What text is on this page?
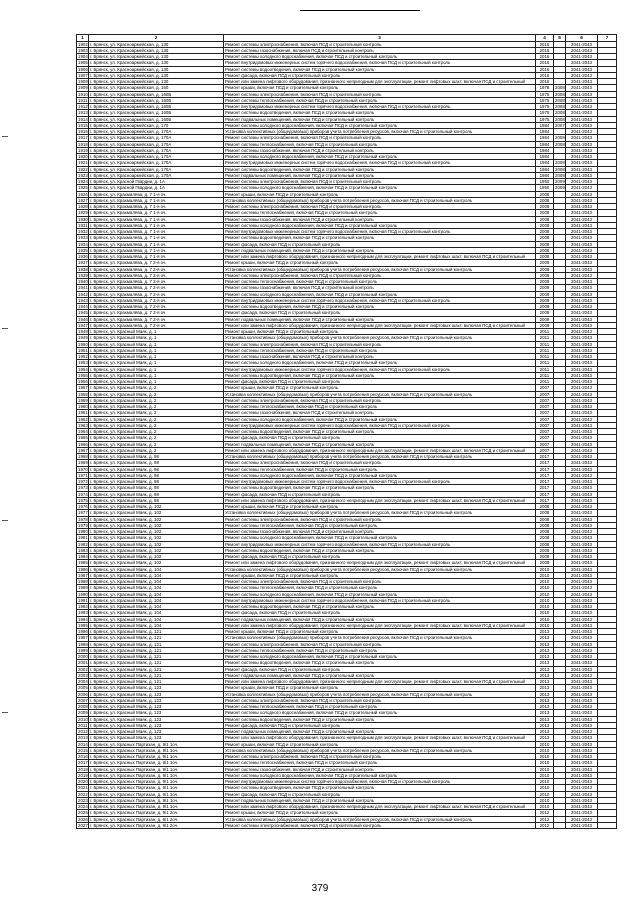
1	2	3	4	5	6	7
1902	г. Брянск, ул. Красноармейская, д. 130	Ремонт системы электроснабжения, включая ПСД и строительный контроль	2016		2041-2043	
1903	г. Брянск, ул. Красноармейская, д. 130	Ремонт системы газоснабжения, включая ПСД и строительный контроль	2016		2041-2043	
1904	г. Брянск, ул. Красноармейская, д. 130	Ремонт системы холодного водоснабжения, включая ПСД и строительный контроль	2016		2041-2043	
1905	г. Брянск, ул. Красноармейская, д. 130	Ремонт внутридомовых инженерных систем горячего водоснабжения, включая ПСД и строительный контроль	2016		2041-2043	
1906	г. Брянск, ул. Красноармейская, д. 130	Ремонт системы водоотведения, включая ПСД и строительный контроль	2016		2041-2043	
1907	г. Брянск, ул. Красноармейская, д. 130	Ремонт фасада, включая ПСД и строительный контроль	2016		2041-2043	
1908	г. Брянск, ул. Красноармейская, д. 130	Ремонт или замена лифтового оборудования, признанного непригодным для эксплуатации, ремонт лифтовых шахт, включая ПСД и строительный	2016		2041-2043	
1909	г. Брянск, ул. Красноармейская, д. 160	Ремонт крыши, включая ПСД и строительный контроль	1978	2008	2041-2043	
1910	г. Брянск, ул. Красноармейская, д. 160Б	Ремонт системы электроснабжения, включая ПСД и строительный контроль	1975	2008	2041-2043	
1911	г. Брянск, ул. Красноармейская, д. 160Б	Ремонт системы теплоснабжения, включая ПСД и строительный контроль	1975	2008	2041-2043	
1912	г. Брянск, ул. Красноармейская, д. 160Б	Ремонт внутридомовых инженерных систем горячего водоснабжения, включая ПСД и строительный контроль	1975	2008	2041-2043	
1913	г. Брянск, ул. Красноармейская, д. 160Б	Ремонт системы водоотведения, включая ПСД и строительный контроль	1975	2008	2041-2043	
1914	г. Брянск, ул. Красноармейская, д. 160Б	Ремонт подвальных помещений, включая ПСД и строительный контроль	1975	2008	2041-2043	
1915	г. Брянск, ул. Красноармейская, д. 170	Ремонт системы холодного водоснабжения, включая ПСД и строительный контроль	1984	2007	2041-2043	
1916	г. Брянск, ул. Красноармейская, д. 170А	Установка коллективных (общедомовых) приборов учета потребления ресурсов, включая ПСД и строительный контроль	1984		2041-2043	
1917	г. Брянск, ул. Красноармейская, д. 170А	Ремонт системы электроснабжения, включая ПСД и строительный контроль	1984	2008	2041-2043	
1918	г. Брянск, ул. Красноармейская, д. 170А	Ремонт системы теплоснабжения, включая ПСД и строительный контроль	1984	2008	2041-2043	
1919	г. Брянск, ул. Красноармейская, д. 170А	Ремонт системы газоснабжения, включая ПСД и строительный контроль	1984		2041-2043	
1920	г. Брянск, ул. Красноармейская, д. 170А	Ремонт системы холодного водоснабжения, включая ПСД и строительный контроль	1984		2041-2043	
1921	г. Брянск, ул. Красноармейская, д. 170А	Ремонт внутридомовых инженерных систем горячего водоснабжения, включая ПСД и строительный контроль	1984	2008	2041-2043	
1922	г. Брянск, ул. Красноармейская, д. 170А	Ремонт системы водоотведения, включая ПСД и строительный контроль	1984	2008	2041-2043	
1923	г. Брянск, ул. Красноармейская, д. 170А	Ремонт подвальных помещений, включая ПСД и строительный контроль	1984	2008	2041-2043	
1924	г. Брянск, ул. Красной Гвардии, д. 1А	Ремонт системы электроснабжения, включая ПСД и строительный контроль	1950	2009	2041-2043	
1925	г. Брянск, ул. Красной Гвардии, д. 1А	Ремонт системы холодного водоснабжения, включая ПСД и строительный контроль	1950	2009	2041-2043	
1926	г. Брянск, ул. Крахмалёва, д. 7 1-я оч.	Ремонт крыши, включая ПСД и строительный контроль	2008		2041-2043	
1927	г. Брянск, ул. Крахмалёва, д. 7 1-я оч.	Установка коллективных (общедомовых) приборов учета потребления ресурсов, включая ПСД и строительный контроль	2008		2041-2043	
1928	г. Брянск, ул. Крахмалёва, д. 7 1-я оч.	Ремонт системы электроснабжения, включая ПСД и строительный контроль	2008		2041-2043	
1929	г. Брянск, ул. Крахмалёва, д. 7 1-я оч.	Ремонт системы теплоснабжения, включая ПСД и строительный контроль	2008		2041-2043	
1930	г. Брянск, ул. Крахмалёва, д. 7 1-я оч.	Ремонт системы газоснабжения, включая ПСД и строительный контроль	2008		2041-2043	
1931	г. Брянск, ул. Крахмалёва, д. 7 1-я оч.	Ремонт системы холодного водоснабжения, включая ПСД и строительный контроль	2008		2041-2043	
1932	г. Брянск, ул. Крахмалёва, д. 7 1-я оч.	Ремонт внутридомовых инженерных систем горячего водоснабжения, включая ПСД и строительный контроль	2008		2041-2043	
1933	г. Брянск, ул. Крахмалёва, д. 7 1-я оч.	Ремонт системы водоотведения, включая ПСД и строительный контроль	2008		2041-2043	
1934	г. Брянск, ул. Крахмалёва, д. 7 1-я оч.	Ремонт фасада, включая ПСД и строительный контроль	2008		2041-2043	
1935	г. Брянск, ул. Крахмалёва, д. 7 1-я оч.	Ремонт подвальных помещений, включая ПСД и строительный контроль	2008		2041-2043	
1936	г. Брянск, ул. Крахмалёва, д. 7 1-я оч.	Ремонт или замена лифтового оборудования, признанного непригодным для эксплуатации, ремонт лифтовых шахт, включая ПСД и строительный	2008		2041-2043	
1937	г. Брянск, ул. Крахмалёва, д. 7 2-я оч.	Ремонт крыши, включая ПСД и строительный контроль	2009		2041-2043	
1938	г. Брянск, ул. Крахмалёва, д. 7 2-я оч.	Установка коллективных (общедомовых) приборов учета потребления ресурсов, включая ПСД и строительный контроль	2009		2041-2043	
1939	г. Брянск, ул. Крахмалёва, д. 7 2-я оч.	Ремонт системы электроснабжения, включая ПСД и строительный контроль	2009		2041-2043	
1940	г. Брянск, ул. Крахмалёва, д. 7 2-я оч.	Ремонт системы теплоснабжения, включая ПСД и строительный контроль	2009		2041-2043	
1941	г. Брянск, ул. Крахмалёва, д. 7 2-я оч.	Ремонт системы газоснабжения, включая ПСД и строительный контроль	2009		2041-2043	
1942	г. Брянск, ул. Крахмалёва, д. 7 2-я оч.	Ремонт системы холодного водоснабжения, включая ПСД и строительный контроль	2009		2041-2043	
1943	г. Брянск, ул. Крахмалёва, д. 7 2-я оч.	Ремонт внутридомовых инженерных систем горячего водоснабжения, включая ПСД и строительный контроль	2009		2041-2043	
1944	г. Брянск, ул. Крахмалёва, д. 7 2-я оч.	Ремонт системы водоотведения, включая ПСД и строительный контроль	2009		2041-2043	
1945	г. Брянск, ул. Крахмалёва, д. 7 2-я оч.	Ремонт фасада, включая ПСД и строительный контроль	2009		2041-2043	
1946	г. Брянск, ул. Крахмалёва, д. 7 2-я оч.	Ремонт подвальных помещений, включая ПСД и строительный контроль	2009		2041-2043	
1947	г. Брянск, ул. Крахмалёва, д. 7 2-я оч.	Ремонт или замена лифтового оборудования, признанного непригодным для эксплуатации, ремонт лифтовых шахт, включая ПСД и строительный	2009		2041-2043	
1948	г. Брянск, ул. Красный Маяк, д. 1	Ремонт крыши, включая ПСД и строительный контроль	2011		2041-2043	
1949	г. Брянск, ул. Красный Маяк, д. 1	Установка коллективных (общедомовых) приборов учета потребления ресурсов, включая ПСД и строительный контроль	2011		2041-2043	
1950	г. Брянск, ул. Красный Маяк, д. 1	Ремонт системы электроснабжения, включая ПСД и строительный контроль	2011		2041-2043	
1951	г. Брянск, ул. Красный Маяк, д. 1	Ремонт системы теплоснабжения, включая ПСД и строительный контроль	2011		2041-2043	
1952	г. Брянск, ул. Красный Маяк, д. 1	Ремонт системы газоснабжения, включая ПСД и строительный контроль	2011		2041-2043	
1953	г. Брянск, ул. Красный Маяк, д. 1	Ремонт системы холодного водоснабжения, включая ПСД и строительный контроль	2011		2041-2043	
1954	г. Брянск, ул. Красный Маяк, д. 1	Ремонт внутридомовых инженерных систем горячего водоснабжения, включая ПСД и строительный контроль	2011		2041-2043	
1955	г. Брянск, ул. Красный Маяк, д. 1	Ремонт системы водоотведения, включая ПСД и строительный контроль	2011		2041-2043	
1956	г. Брянск, ул. Красный Маяк, д. 1	Ремонт фасада, включая ПСД и строительный контроль	2011		2041-2043	
1957	г. Брянск, ул. Красный Маяк, д. 2	Ремонт крыши, включая ПСД и строительный контроль	2007		2041-2043	
1958	г. Брянск, ул. Красный Маяк, д. 2	Установка коллективных (общедомовых) приборов учета потребления ресурсов, включая ПСД и строительный контроль	2007		2041-2043	
1959	г. Брянск, ул. Красный Маяк, д. 2	Ремонт системы электроснабжения, включая ПСД и строительный контроль	2007		2041-2043	
1960	г. Брянск, ул. Красный Маяк, д. 2	Ремонт системы теплоснабжения, включая ПСД и строительный контроль	2007		2041-2043	
1961	г. Брянск, ул. Красный Маяк, д. 2	Ремонт системы газоснабжения, включая ПСД и строительный контроль	2007		2041-2043	
1962	г. Брянск, ул. Красный Маяк, д. 2	Ремонт системы холодного водоснабжения, включая ПСД и строительный контроль	2007		2041-2043	
1963	г. Брянск, ул. Красный Маяк, д. 2	Ремонт внутридомовых инженерных систем горячего водоснабжения, включая ПСД и строительный контроль	2007		2041-2043	
1964	г. Брянск, ул. Красный Маяк, д. 2	Ремонт системы водоотведения, включая ПСД и строительный контроль	2007		2041-2043	
1965	г. Брянск, ул. Красный Маяк, д. 2	Ремонт фасада, включая ПСД и строительный контроль	2007		2041-2043	
1966	г. Брянск, ул. Красный Маяк, д. 2	Ремонт подвальных помещений, включая ПСД и строительный контроль	2007		2041-2043	
1967	г. Брянск, ул. Красный Маяк, д. 2	Ремонт или замена лифтового оборудования, признанного непригодным для эксплуатации, ремонт лифтовых шахт, включая ПСД и строительный	2007		2041-2043	
1968	г. Брянск, ул. Красный Маяк, д. 98	Установка коллективных (общедомовых) приборов учета потребления ресурсов, включая ПСД и строительный контроль	2017		2041-2043	
1969	г. Брянск, ул. Красный Маяк, д. 98	Ремонт системы электроснабжения, включая ПСД и строительный контроль	2017		2041-2043	
1970	г. Брянск, ул. Красный Маяк, д. 98	Ремонт системы теплоснабжения, включая ПСД и строительный контроль	2017		2041-2043	
1971	г. Брянск, ул. Красный Маяк, д. 98	Ремонт системы холодного водоснабжения, включая ПСД и строительный контроль	2017		2041-2043	
1972	г. Брянск, ул. Красный Маяк, д. 98	Ремонт внутридомовых инженерных систем горячего водоснабжения, включая ПСД и строительный контроль	2017		2041-2043	
1973	г. Брянск, ул. Красный Маяк, д. 98	Ремонт системы водоотведения, включая ПСД и строительный контроль	2017		2041-2043	
1974	г. Брянск, ул. Красный Маяк, д. 98	Ремонт фасада, включая ПСД и строительный контроль	2017		2041-2043	
1975	г. Брянск, ул. Красный Маяк, д. 98	Ремонт или замена лифтового оборудования, признанного непригодным для эксплуатации, ремонт лифтовых шахт, включая ПСД и строительный	2017		2041-2043	
1976	г. Брянск, ул. Красный Маяк, д. 102	Ремонт крыши, включая ПСД и строительный контроль	2008		2041-2043	
1977	г. Брянск, ул. Красный Маяк, д. 102	Установка коллективных (общедомовых) приборов учета потребления ресурсов, включая ПСД и строительный контроль	2008		2041-2043	
1978	г. Брянск, ул. Красный Маяк, д. 102	Ремонт системы электроснабжения, включая ПСД и строительный контроль	2008		2041-2043	
1979	г. Брянск, ул. Красный Маяк, д. 102	Ремонт системы теплоснабжения, включая ПСД и строительный контроль	2008		2041-2043	
1980	г. Брянск, ул. Красный Маяк, д. 102	Ремонт системы газоснабжения, включая ПСД и строительный контроль	2008		2041-2043	
1981	г. Брянск, ул. Красный Маяк, д. 102	Ремонт системы холодного водоснабжения, включая ПСД и строительный контроль	2008		2041-2043	
1982	г. Брянск, ул. Красный Маяк, д. 102	Ремонт внутридомовых инженерных систем горячего водоснабжения, включая ПСД и строительный контроль	2008		2041-2043	
1983	г. Брянск, ул. Красный Маяк, д. 102	Ремонт системы водоотведения, включая ПСД и строительный контроль	2008		2041-2043	
1984	г. Брянск, ул. Красный Маяк, д. 102	Ремонт фасада, включая ПСД и строительный контроль	2008		2041-2043	
1985	г. Брянск, ул. Красный Маяк, д. 102	Ремонт или замена лифтового оборудования, признанного непригодным для эксплуатации, ремонт лифтовых шахт, включая ПСД и строительный	2008		2041-2043	
1986	г. Брянск, ул. Красный Маяк, д. 104	Установка коллективных (общедомовых) приборов учета потребления ресурсов, включая ПСД и строительный контроль	2010		2041-2043	
1987	г. Брянск, ул. Красный Маяк, д. 104	Ремонт крыши, включая ПСД и строительный контроль	2010		2041-2043	
1988	г. Брянск, ул. Красный Маяк, д. 104	Ремонт системы электроснабжения, включая ПСД и строительный контроль	2010		2041-2043	
1989	г. Брянск, ул. Красный Маяк, д. 104	Ремонт системы теплоснабжения, включая ПСД и строительный контроль	2010		2041-2043	
1990	г. Брянск, ул. Красный Маяк, д. 104	Ремонт системы холодного водоснабжения, включая ПСД и строительный контроль	2010		2041-2043	
1991	г. Брянск, ул. Красный Маяк, д. 104	Ремонт внутридомовых инженерных систем горячего водоснабжения, включая ПСД и строительный контроль	2010		2041-2043	
1992	г. Брянск, ул. Красный Маяк, д. 104	Ремонт системы водоотведения, включая ПСД и строительный контроль	2010		2041-2043	
1993	г. Брянск, ул. Красный Маяк, д. 104	Ремонт фасада, включая ПСД и строительный контроль	2010		2041-2043	
1994	г. Брянск, ул. Красный Маяк, д. 104	Ремонт подвальных помещений, включая ПСД и строительный контроль	2010		2041-2043	
1995	г. Брянск, ул. Красный Маяк, д. 104	Ремонт или замена лифтового оборудования, признанного непригодным для эксплуатации, ремонт лифтовых шахт, включая ПСД и строительный	2010		2041-2043	
1996	г. Брянск, ул. Красный Маяк, д. 121	Ремонт крыши, включая ПСД и строительный контроль	2013		2041-2043	
1997	г. Брянск, ул. Красный Маяк, д. 121	Установка коллективных (общедомовых) приборов учета потребления ресурсов, включая ПСД и строительный контроль	2013		2041-2043	
1998	г. Брянск, ул. Красный Маяк, д. 121	Ремонт системы электроснабжения, включая ПСД и строительный контроль	2013		2041-2043	
1999	г. Брянск, ул. Красный Маяк, д. 121	Ремонт системы теплоснабжения, включая ПСД и строительный контроль	2013		2041-2043	
2000	г. Брянск, ул. Красный Маяк, д. 121	Ремонт системы холодного водоснабжения, включая ПСД и строительный контроль	2013		2041-2043	
2001	г. Брянск, ул. Красный Маяк, д. 121	Ремонт системы водоотведения, включая ПСД и строительный контроль	2013		2041-2043	
2002	г. Брянск, ул. Красный Маяк, д. 121	Ремонт фасада, включая ПСД и строительный контроль	2013		2041-2043	
2003	г. Брянск, ул. Красный Маяк, д. 121	Ремонт подвальных помещений, включая ПСД и строительный контроль	2013		2041-2043	
2004	г. Брянск, ул. Красный Маяк, д. 121	Ремонт или замена лифтового оборудования, признанного непригодным для эксплуатации, ремонт лифтовых шахт, включая ПСД и строительный	2013		2041-2043	
2005	г. Брянск, ул. Красный Маяк, д. 123	Ремонт крыши, включая ПСД и строительный контроль	2013		2041-2043	
2006	г. Брянск, ул. Красный Маяк, д. 123	Установка коллективных (общедомовых) приборов учета потребления ресурсов, включая ПСД и строительный контроль	2013		2041-2043	
2007	г. Брянск, ул. Красный Маяк, д. 123	Ремонт системы электроснабжения, включая ПСД и строительный контроль	2013		2041-2043	
2008	г. Брянск, ул. Красный Маяк, д. 123	Ремонт системы теплоснабжения, включая ПСД и строительный контроль	2013		2041-2043	
2009	г. Брянск, ул. Красный Маяк, д. 123	Ремонт системы холодного водоснабжения, включая ПСД и строительный контроль	2013		2041-2043	
2010	г. Брянск, ул. Красный Маяк, д. 123	Ремонт системы водоотведения, включая ПСД и строительный контроль	2013		2041-2043	
2011	г. Брянск, ул. Красный Маяк, д. 123	Ремонт фасада, включая ПСД и строительный контроль	2013		2041-2043	
2012	г. Брянск, ул. Красный Маяк, д. 123	Ремонт подвальных помещений, включая ПСД и строительный контроль	2013		2041-2043	
2013	г. Брянск, ул. Красный Маяк, д. 123	Ремонт или замена лифтового оборудования, признанного непригодным для эксплуатации, ремонт лифтовых шахт, включая ПСД и строительный	2013		2041-2043	
2014	г. Брянск, ул. Красных Партизан, д. 9/1 1оч.	Ремонт крыши, включая ПСД и строительный контроль	2010		2041-2043	
2015	г. Брянск, ул. Красных Партизан, д. 9/1 1оч.	Установка коллективных (общедомовых) приборов учета потребления ресурсов, включая ПСД и строительный контроль	2010		2041-2043	
2016	г. Брянск, ул. Красных Партизан, д. 9/1 1оч.	Ремонт системы электроснабжения, включая ПСД и строительный контроль	2010		2041-2043	
2017	г. Брянск, ул. Красных Партизан, д. 9/1 1оч.	Ремонт системы теплоснабжения, включая ПСД и строительный контроль	2010		2041-2043	
2018	г. Брянск, ул. Красных Партизан, д. 9/1 1оч.	Ремонт системы газоснабжения, включая ПСД и строительный контроль	2010		2041-2043	
2019	г. Брянск, ул. Красных Партизан, д. 9/1 1оч.	Ремонт системы холодного водоснабжения, включая ПСД и строительный контроль	2010		2041-2043	
2020	г. Брянск, ул. Красных Партизан, д. 9/1 1оч.	Ремонт внутридомовых инженерных систем горячего водоснабжения, включая ПСД и строительный контроль	2010		2041-2043	
2021	г. Брянск, ул. Красных Партизан, д. 9/1 1оч.	Ремонт системы водоотведения, включая ПСД и строительный контроль	2010		2041-2043	
2022	г. Брянск, ул. Красных Партизан, д. 9/1 1оч.	Ремонт фасада, включая ПСД и строительный контроль	2010		2041-2043	
2023	г. Брянск, ул. Красных Партизан, д. 9/1 1оч.	Ремонт подвальных помещений, включая ПСД и строительный контроль	2010		2041-2043	
2024	г. Брянск, ул. Красных Партизан, д. 9/1 1оч.	Ремонт или замена лифтового оборудования, признанного непригодным для эксплуатации, ремонт лифтовых шахт, включая ПСД и строительный	2010		2041-2043	
2025	г. Брянск, ул. Красных Партизан, д. 9/1 2оч.	Ремонт крыши, включая ПСД и строительный контроль	2012		2041-2043	
2026	г. Брянск, ул. Красных Партизан, д. 9/1 2оч.	Установка коллективных (общедомовых) приборов учета потребления ресурсов, включая ПСД и строительный контроль	2012		2041-2043	
2027	г. Брянск, ул. Красных Партизан, д. 9/1 2оч.	Ремонт системы электроснабжения, включая ПСД и строительный контроль	2012		2041-2043	
379
